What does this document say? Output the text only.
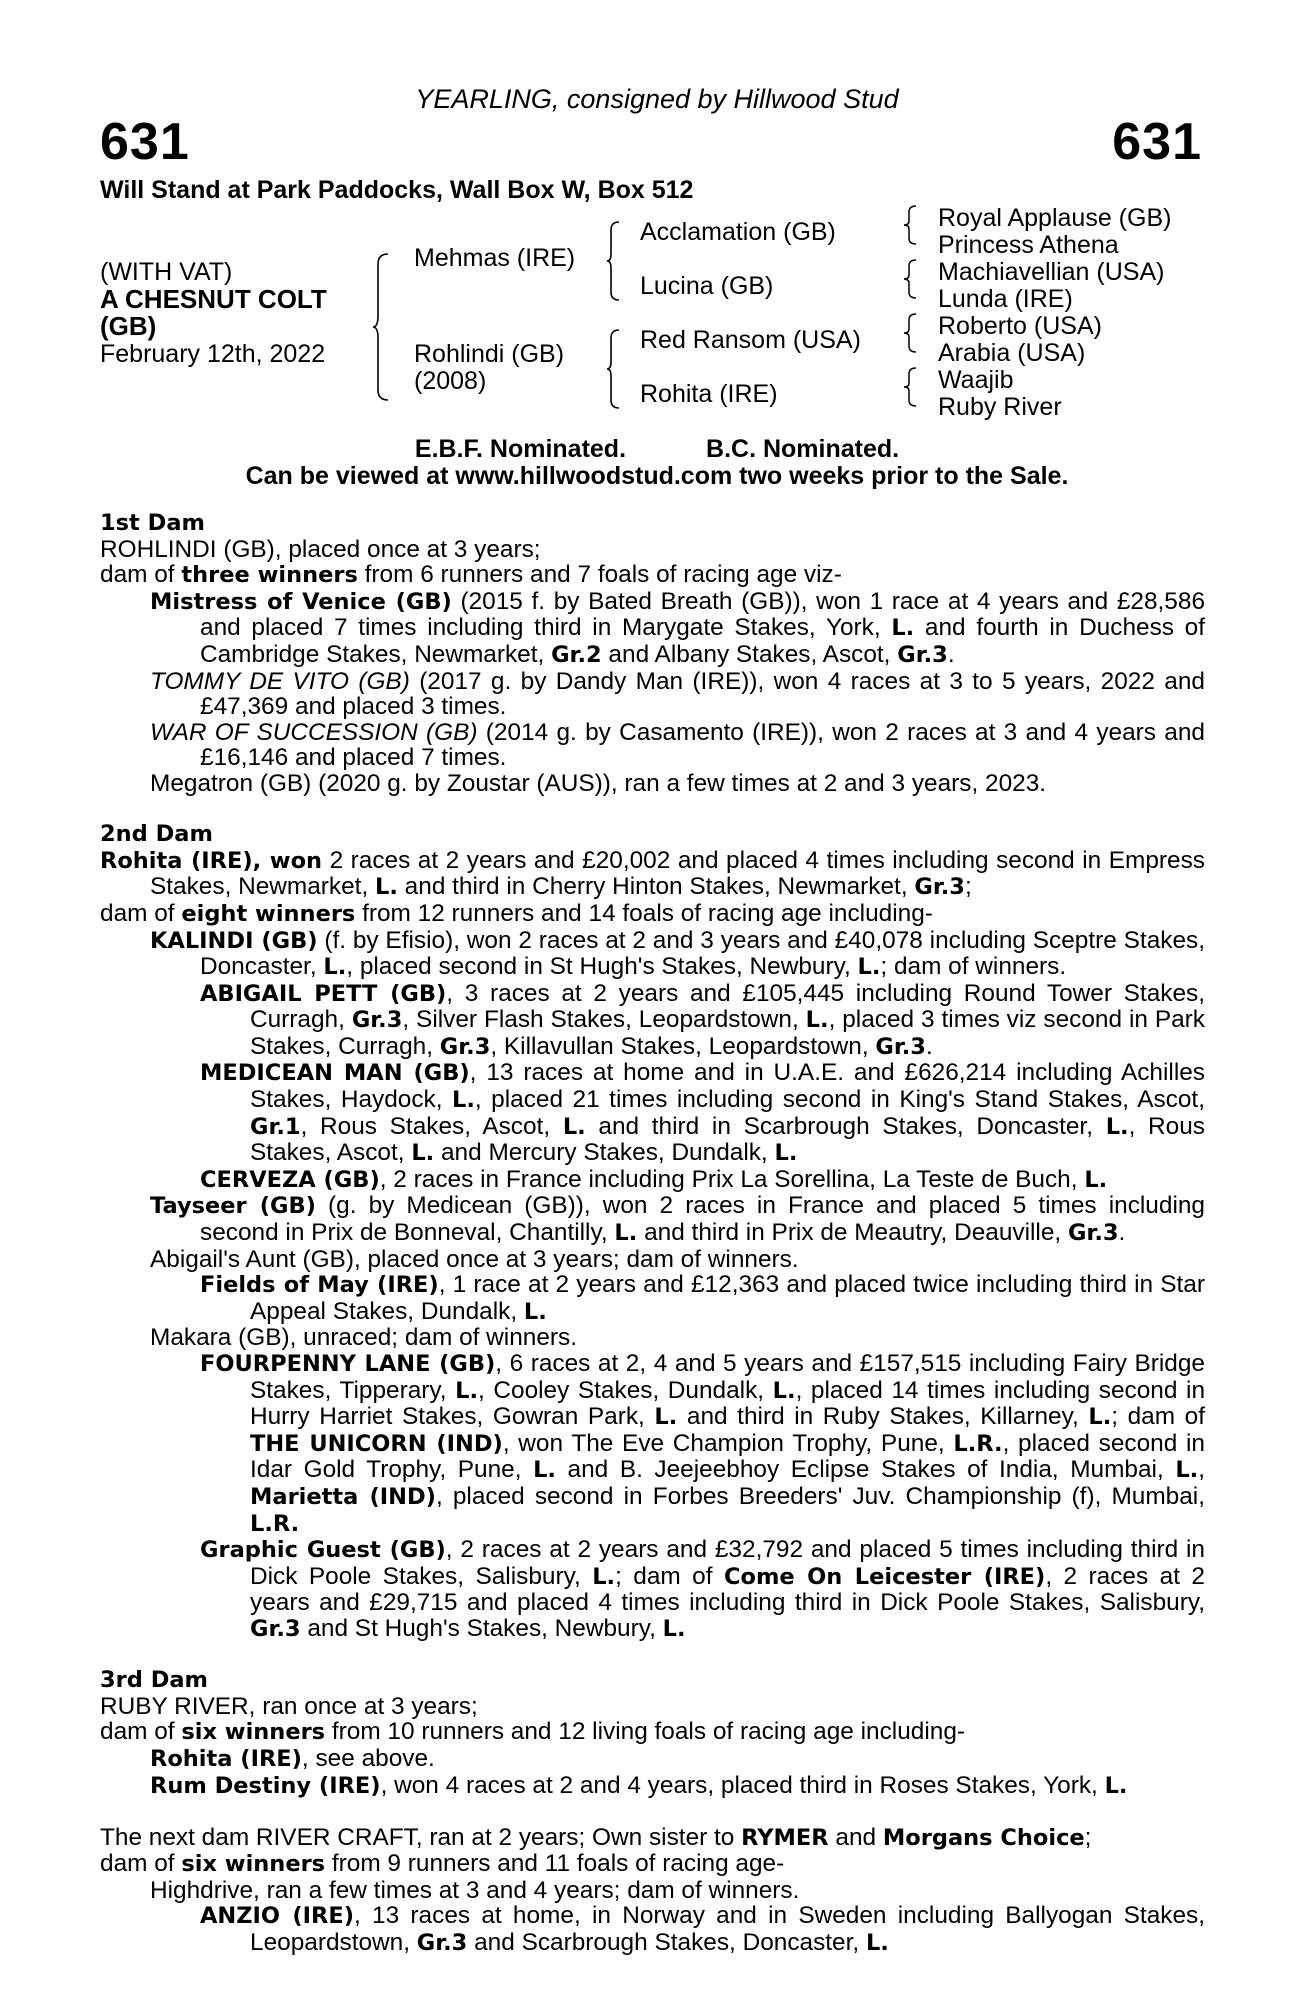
YEARLING, consigned by Hillwood Stud
631	631
Will Stand at Park Paddocks, Wall Box W, Box 512
(WITH VAT)
A CHESNUT COLT
(GB)
February 12th, 2022
Mehmas (IRE)
Rohlindi (GB)
(2008)
Acclamation (GB)
Lucina (GB)
Red Ransom (USA)
Rohita (IRE)
Royal Applause (GB)
Princess Athena
Machiavellian (USA)
Lunda (IRE)
Roberto (USA)
Arabia (USA)
Waajib
Ruby River
E.B.F. Nominated.	B.C. Nominated.
Can be viewed at www.hillwoodstud.com two weeks prior to the Sale.

1st Dam

ROHLINDI (GB), placed once at 3 years;

dam of three winners from 6 runners and 7 foals of racing age viz-

Mistress of Venice (GB) (2015 f. by Bated Breath (GB)), won 1 race at 4 years and £28,586 and placed 7 times including third in Marygate Stakes, York, L. and fourth in Duchess of Cambridge Stakes, Newmarket, Gr.2 and Albany Stakes, Ascot, Gr.3.

TOMMY DE VITO (GB) (2017 g. by Dandy Man (IRE)), won 4 races at 3 to 5 years, 2022 and £47,369 and placed 3 times.

WAR OF SUCCESSION (GB) (2014 g. by Casamento (IRE)), won 2 races at 3 and 4 years and £16,146 and placed 7 times.

Megatron (GB) (2020 g. by Zoustar (AUS)), ran a few times at 2 and 3 years, 2023.

2nd Dam

Rohita (IRE), won 2 races at 2 years and £20,002 and placed 4 times including second in Empress Stakes, Newmarket, L. and third in Cherry Hinton Stakes, Newmarket, Gr.3;

dam of eight winners from 12 runners and 14 foals of racing age including-

KALINDI (GB) (f. by Efisio), won 2 races at 2 and 3 years and £40,078 including Sceptre Stakes, Doncaster, L., placed second in St Hugh's Stakes, Newbury, L.; dam of winners.

ABIGAIL PETT (GB), 3 races at 2 years and £105,445 including Round Tower Stakes, Curragh, Gr.3, Silver Flash Stakes, Leopardstown, L., placed 3 times viz second in Park Stakes, Curragh, Gr.3, Killavullan Stakes, Leopardstown, Gr.3.

MEDICEAN MAN (GB), 13 races at home and in U.A.E. and £626,214 including Achilles Stakes, Haydock, L., placed 21 times including second in King's Stand Stakes, Ascot, Gr.1, Rous Stakes, Ascot, L. and third in Scarbrough Stakes, Doncaster, L., Rous Stakes, Ascot, L. and Mercury Stakes, Dundalk, L.

CERVEZA (GB), 2 races in France including Prix La Sorellina, La Teste de Buch, L.

Tayseer (GB) (g. by Medicean (GB)), won 2 races in France and placed 5 times including second in Prix de Bonneval, Chantilly, L. and third in Prix de Meautry, Deauville, Gr.3.

Abigail's Aunt (GB), placed once at 3 years; dam of winners.

Fields of May (IRE), 1 race at 2 years and £12,363 and placed twice including third in Star Appeal Stakes, Dundalk, L.

Makara (GB), unraced; dam of winners.

FOURPENNY LANE (GB), 6 races at 2, 4 and 5 years and £157,515 including Fairy Bridge Stakes, Tipperary, L., Cooley Stakes, Dundalk, L., placed 14 times including second in Hurry Harriet Stakes, Gowran Park, L. and third in Ruby Stakes, Killarney, L.; dam of THE UNICORN (IND), won The Eve Champion Trophy, Pune, L.R., placed second in Idar Gold Trophy, Pune, L. and B. Jeejeebhoy Eclipse Stakes of India, Mumbai, L., Marietta (IND), placed second in Forbes Breeders' Juv. Championship (f), Mumbai, L.R.

Graphic Guest (GB), 2 races at 2 years and £32,792 and placed 5 times including third in Dick Poole Stakes, Salisbury, L.; dam of Come On Leicester (IRE), 2 races at 2 years and £29,715 and placed 4 times including third in Dick Poole Stakes, Salisbury, Gr.3 and St Hugh's Stakes, Newbury, L.

3rd Dam

RUBY RIVER, ran once at 3 years;

dam of six winners from 10 runners and 12 living foals of racing age including-

Rohita (IRE), see above.

Rum Destiny (IRE), won 4 races at 2 and 4 years, placed third in Roses Stakes, York, L.

The next dam RIVER CRAFT, ran at 2 years; Own sister to RYMER and Morgans Choice;

dam of six winners from 9 runners and 11 foals of racing age-

Highdrive, ran a few times at 3 and 4 years; dam of winners.

ANZIO (IRE), 13 races at home, in Norway and in Sweden including Ballyogan Stakes, Leopardstown, Gr.3 and Scarbrough Stakes, Doncaster, L.
